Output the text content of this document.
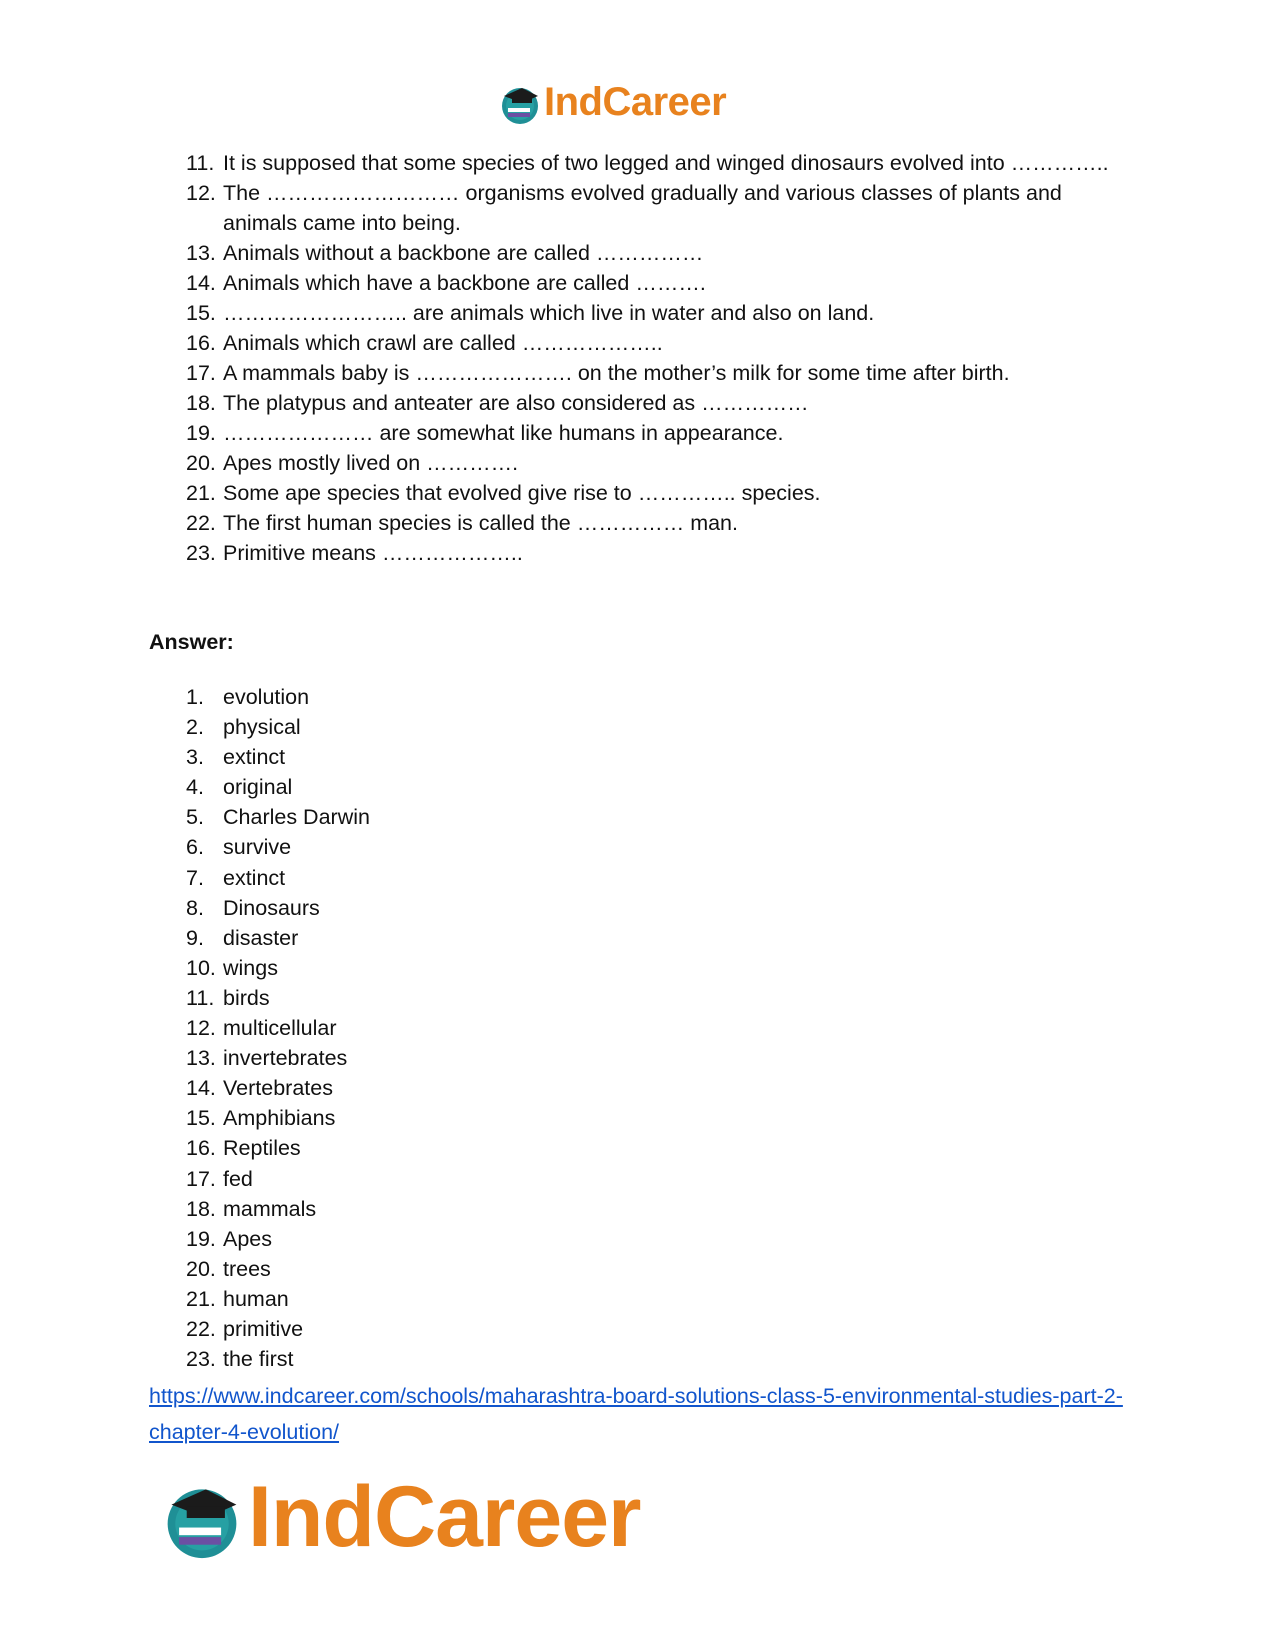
IndCareer
11. It is supposed that some species of two legged and winged dinosaurs evolved into …………..
12. The ……………………… organisms evolved gradually and various classes of plants and animals came into being.
13. Animals without a backbone are called ……………
14. Animals which have a backbone are called ……….
15. …………………….. are animals which live in water and also on land.
16. Animals which crawl are called ………………..
17. A mammals baby is …………………. on the mother’s milk for some time after birth.
18. The platypus and anteater are also considered as ……………
19. ………………… are somewhat like humans in appearance.
20. Apes mostly lived on ………….
21. Some ape species that evolved give rise to ………….. species.
22. The first human species is called the …………… man.
23. Primitive means ………………..
Answer:
1. evolution
2. physical
3. extinct
4. original
5. Charles Darwin
6. survive
7. extinct
8. Dinosaurs
9. disaster
10. wings
11. birds
12. multicellular
13. invertebrates
14. Vertebrates
15. Amphibians
16. Reptiles
17. fed
18. mammals
19. Apes
20. trees
21. human
22. primitive
23. the first
https://www.indcareer.com/schools/maharashtra-board-solutions-class-5-environmental-studies-part-2-chapter-4-evolution/
IndCareer
